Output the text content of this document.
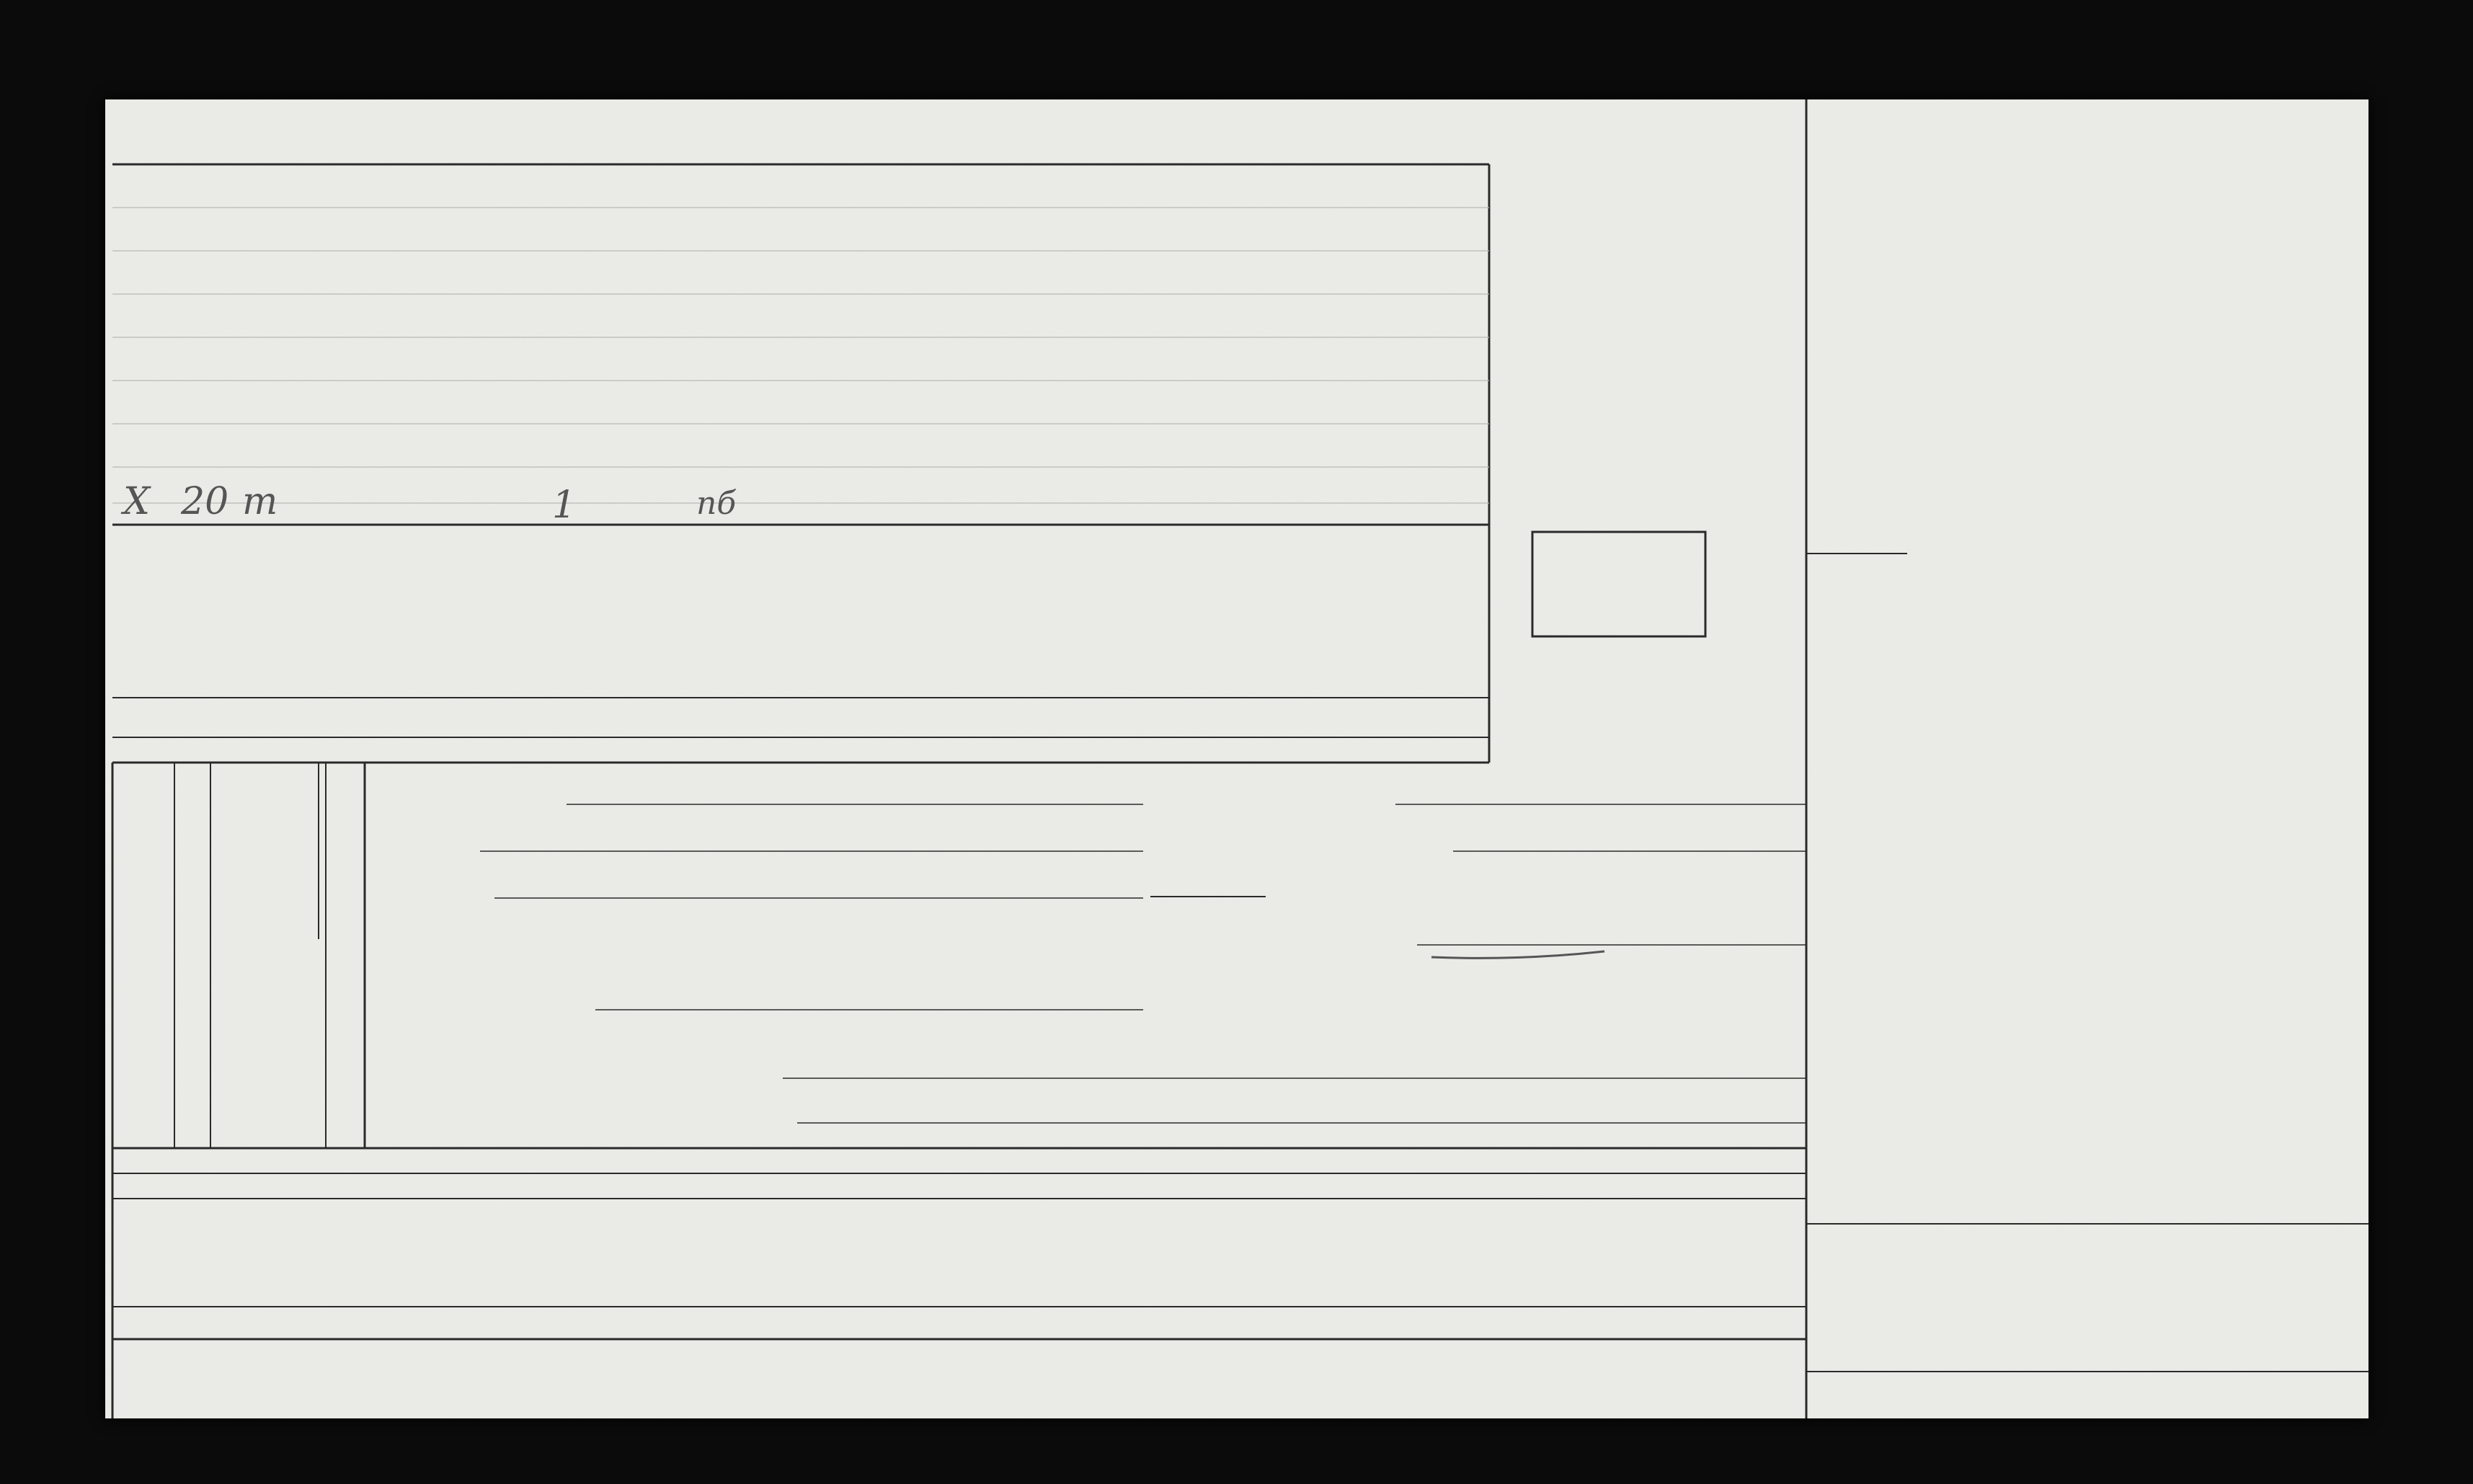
Х 20 т	1	пб
